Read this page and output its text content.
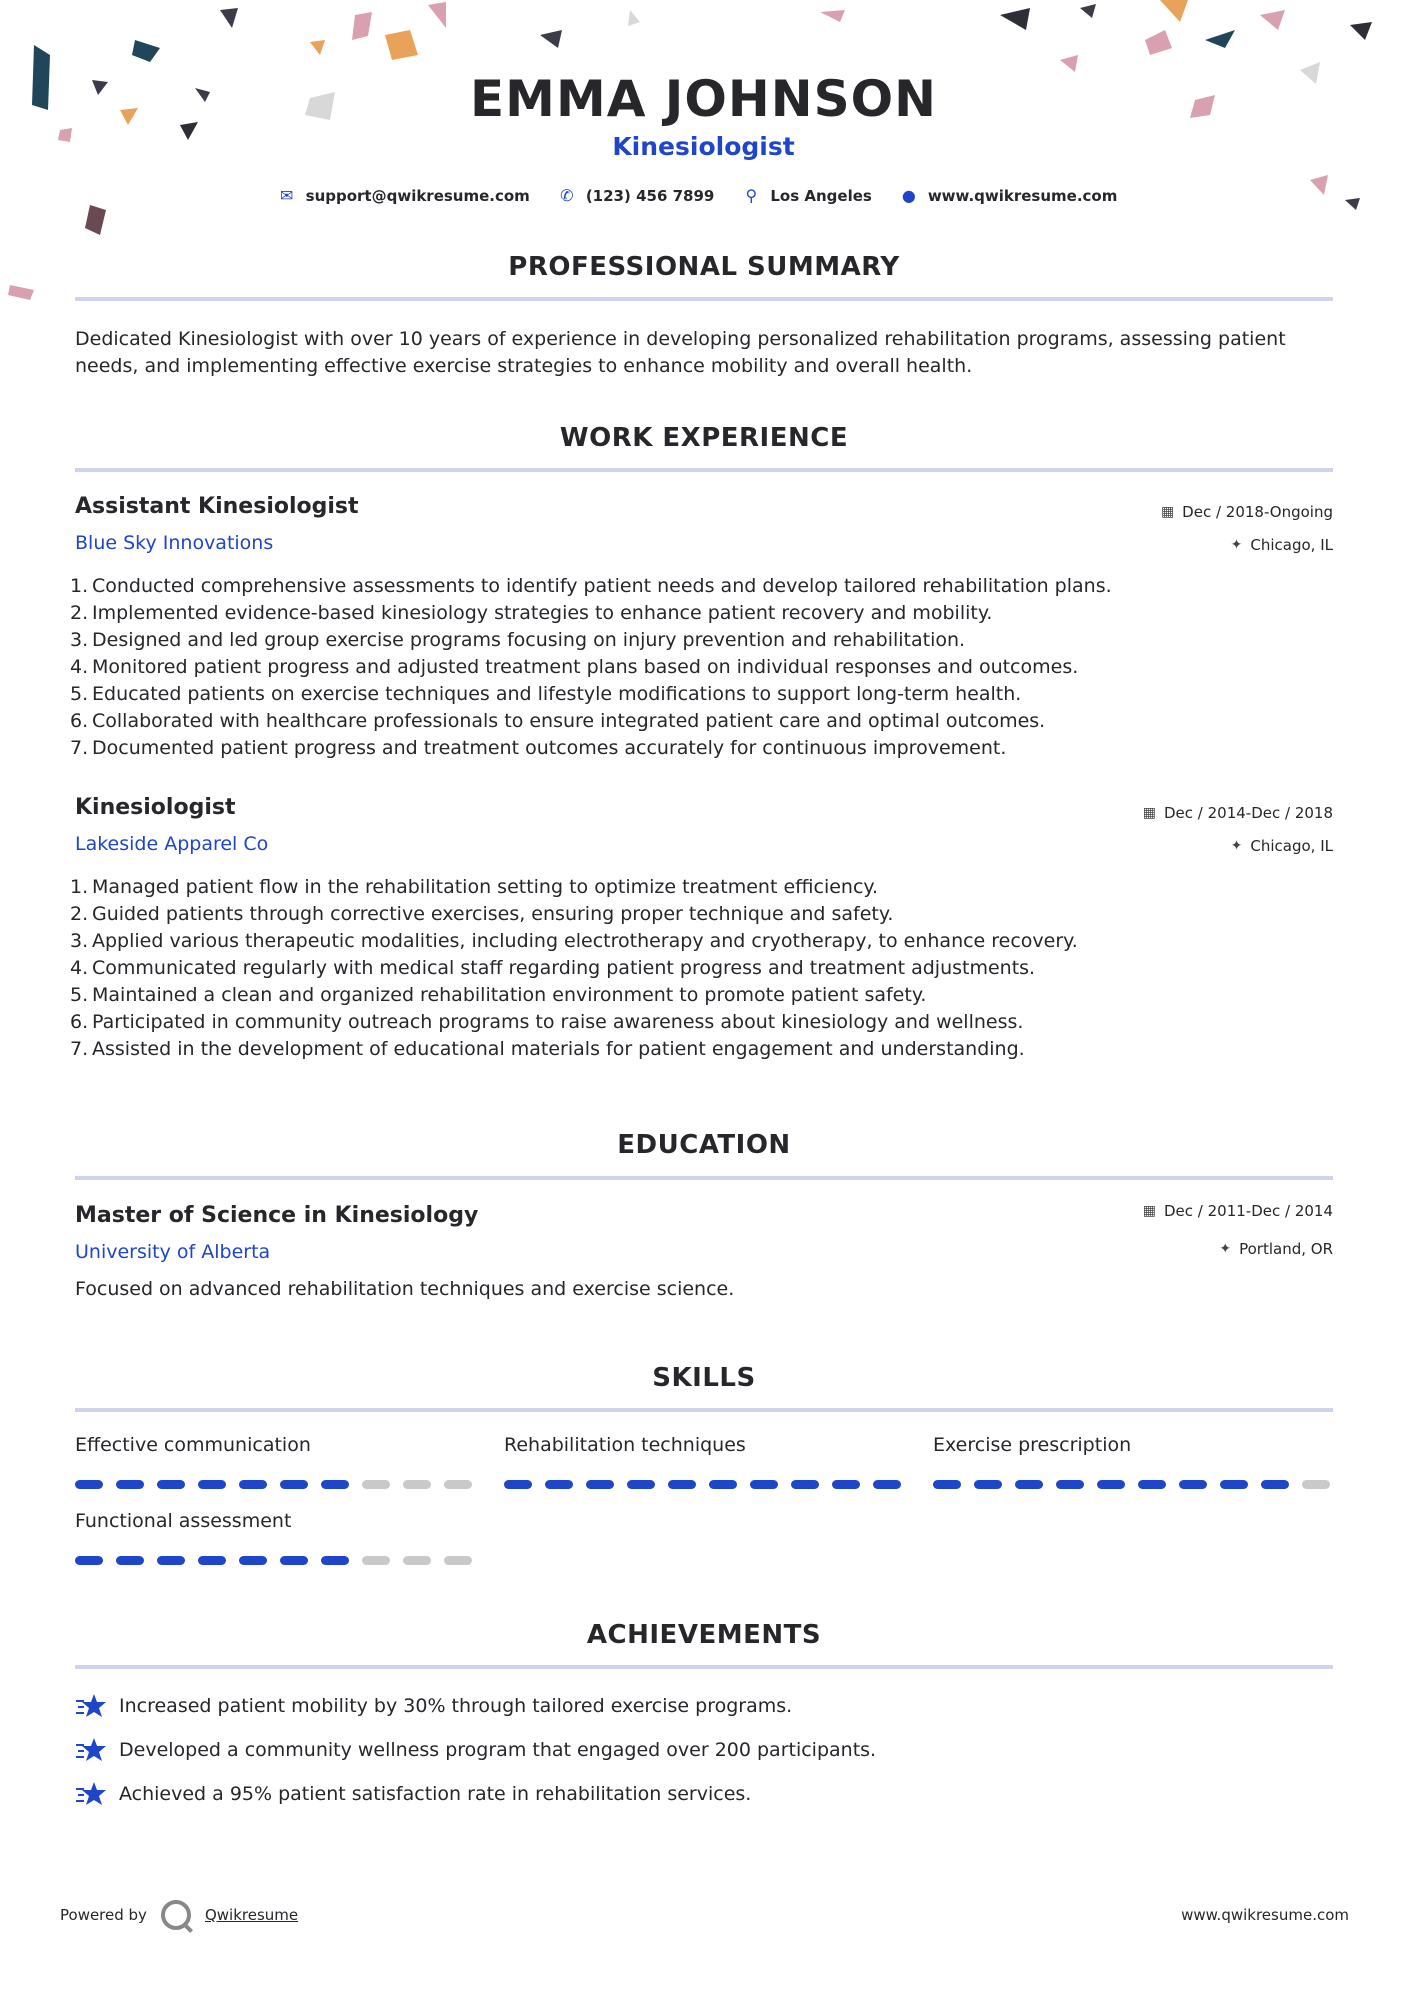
EMMA JOHNSON
Kinesiologist
✉ support@qwikresume.com ✆ (123) 456 7899 ⚲ Los Angeles ● www.qwikresume.com
PROFESSIONAL SUMMARY
Dedicated Kinesiologist with over 10 years of experience in developing personalized rehabilitation programs, assessing patient needs, and implementing effective exercise strategies to enhance mobility and overall health.
WORK EXPERIENCE
Assistant Kinesiologist
Blue Sky Innovations
▦ Dec / 2018-Ongoing
✦ Chicago, IL
1. Conducted comprehensive assessments to identify patient needs and develop tailored rehabilitation plans.
2. Implemented evidence-based kinesiology strategies to enhance patient recovery and mobility.
3. Designed and led group exercise programs focusing on injury prevention and rehabilitation.
4. Monitored patient progress and adjusted treatment plans based on individual responses and outcomes.
5. Educated patients on exercise techniques and lifestyle modifications to support long-term health.
6. Collaborated with healthcare professionals to ensure integrated patient care and optimal outcomes.
7. Documented patient progress and treatment outcomes accurately for continuous improvement.
Kinesiologist
Lakeside Apparel Co
▦ Dec / 2014-Dec / 2018
✦ Chicago, IL
1. Managed patient flow in the rehabilitation setting to optimize treatment efficiency.
2. Guided patients through corrective exercises, ensuring proper technique and safety.
3. Applied various therapeutic modalities, including electrotherapy and cryotherapy, to enhance recovery.
4. Communicated regularly with medical staff regarding patient progress and treatment adjustments.
5. Maintained a clean and organized rehabilitation environment to promote patient safety.
6. Participated in community outreach programs to raise awareness about kinesiology and wellness.
7. Assisted in the development of educational materials for patient engagement and understanding.
EDUCATION
Master of Science in Kinesiology
University of Alberta
▦ Dec / 2011-Dec / 2014
✦ Portland, OR
Focused on advanced rehabilitation techniques and exercise science.
SKILLS
Effective communication	Rehabilitation techniques	Exercise prescription
Functional assessment
ACHIEVEMENTS
Increased patient mobility by 30% through tailored exercise programs.
Developed a community wellness program that engaged over 200 participants.
Achieved a 95% patient satisfaction rate in rehabilitation services.
Powered by	Qwikresume	www.qwikresume.com
